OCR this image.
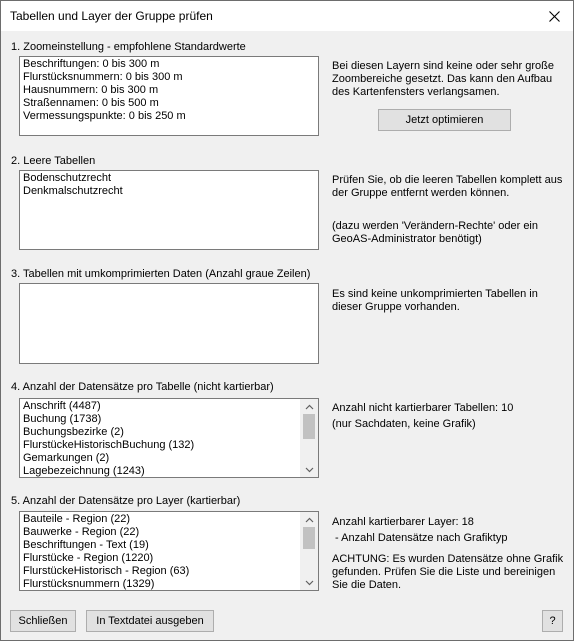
Tabellen und Layer der Gruppe prüfen
1. Zoomeinstellung - empfohlene Standardwerte
Beschriftungen: 0 bis 300 m
Flurstücksnummern: 0 bis 300 m
Hausnummern: 0 bis 300 m
Straßennamen: 0 bis 500 m
Vermessungspunkte: 0 bis 250 m
Bei diesen Layern sind keine oder sehr große Zoombereiche gesetzt. Das kann den Aufbau des Kartenfensters verlangsamen.
Jetzt optimieren
2. Leere Tabellen
Bodenschutzrecht
Denkmalschutzrecht
Prüfen Sie, ob die leeren Tabellen komplett aus der Gruppe entfernt werden können.
(dazu werden 'Verändern-Rechte' oder ein GeoAS-Administrator benötigt)
3. Tabellen mit umkomprimierten Daten (Anzahl graue Zeilen)
Es sind keine unkomprimierten Tabellen in dieser Gruppe vorhanden.
4. Anzahl der Datensätze pro Tabelle (nicht kartierbar)
Anschrift (4487)
Buchung (1738)
Buchungsbezirke (2)
FlurstückeHistorischBuchung (132)
Gemarkungen (2)
Lagebezeichnung (1243)
Anzahl nicht kartierbarer Tabellen: 10
(nur Sachdaten, keine Grafik)
5. Anzahl der Datensätze pro Layer (kartierbar)
Bauteile - Region (22)
Bauwerke - Region (22)
Beschriftungen - Text (19)
Flurstücke - Region (1220)
FlurstückeHistorisch - Region (63)
Flurstücksnummern (1329)
Anzahl kartierbarer Layer: 18
- Anzahl Datensätze nach Grafiktyp
ACHTUNG: Es wurden Datensätze ohne Grafik gefunden. Prüfen Sie die Liste und bereinigen Sie die Daten.
Schließen	In Textdatei ausgeben	?
